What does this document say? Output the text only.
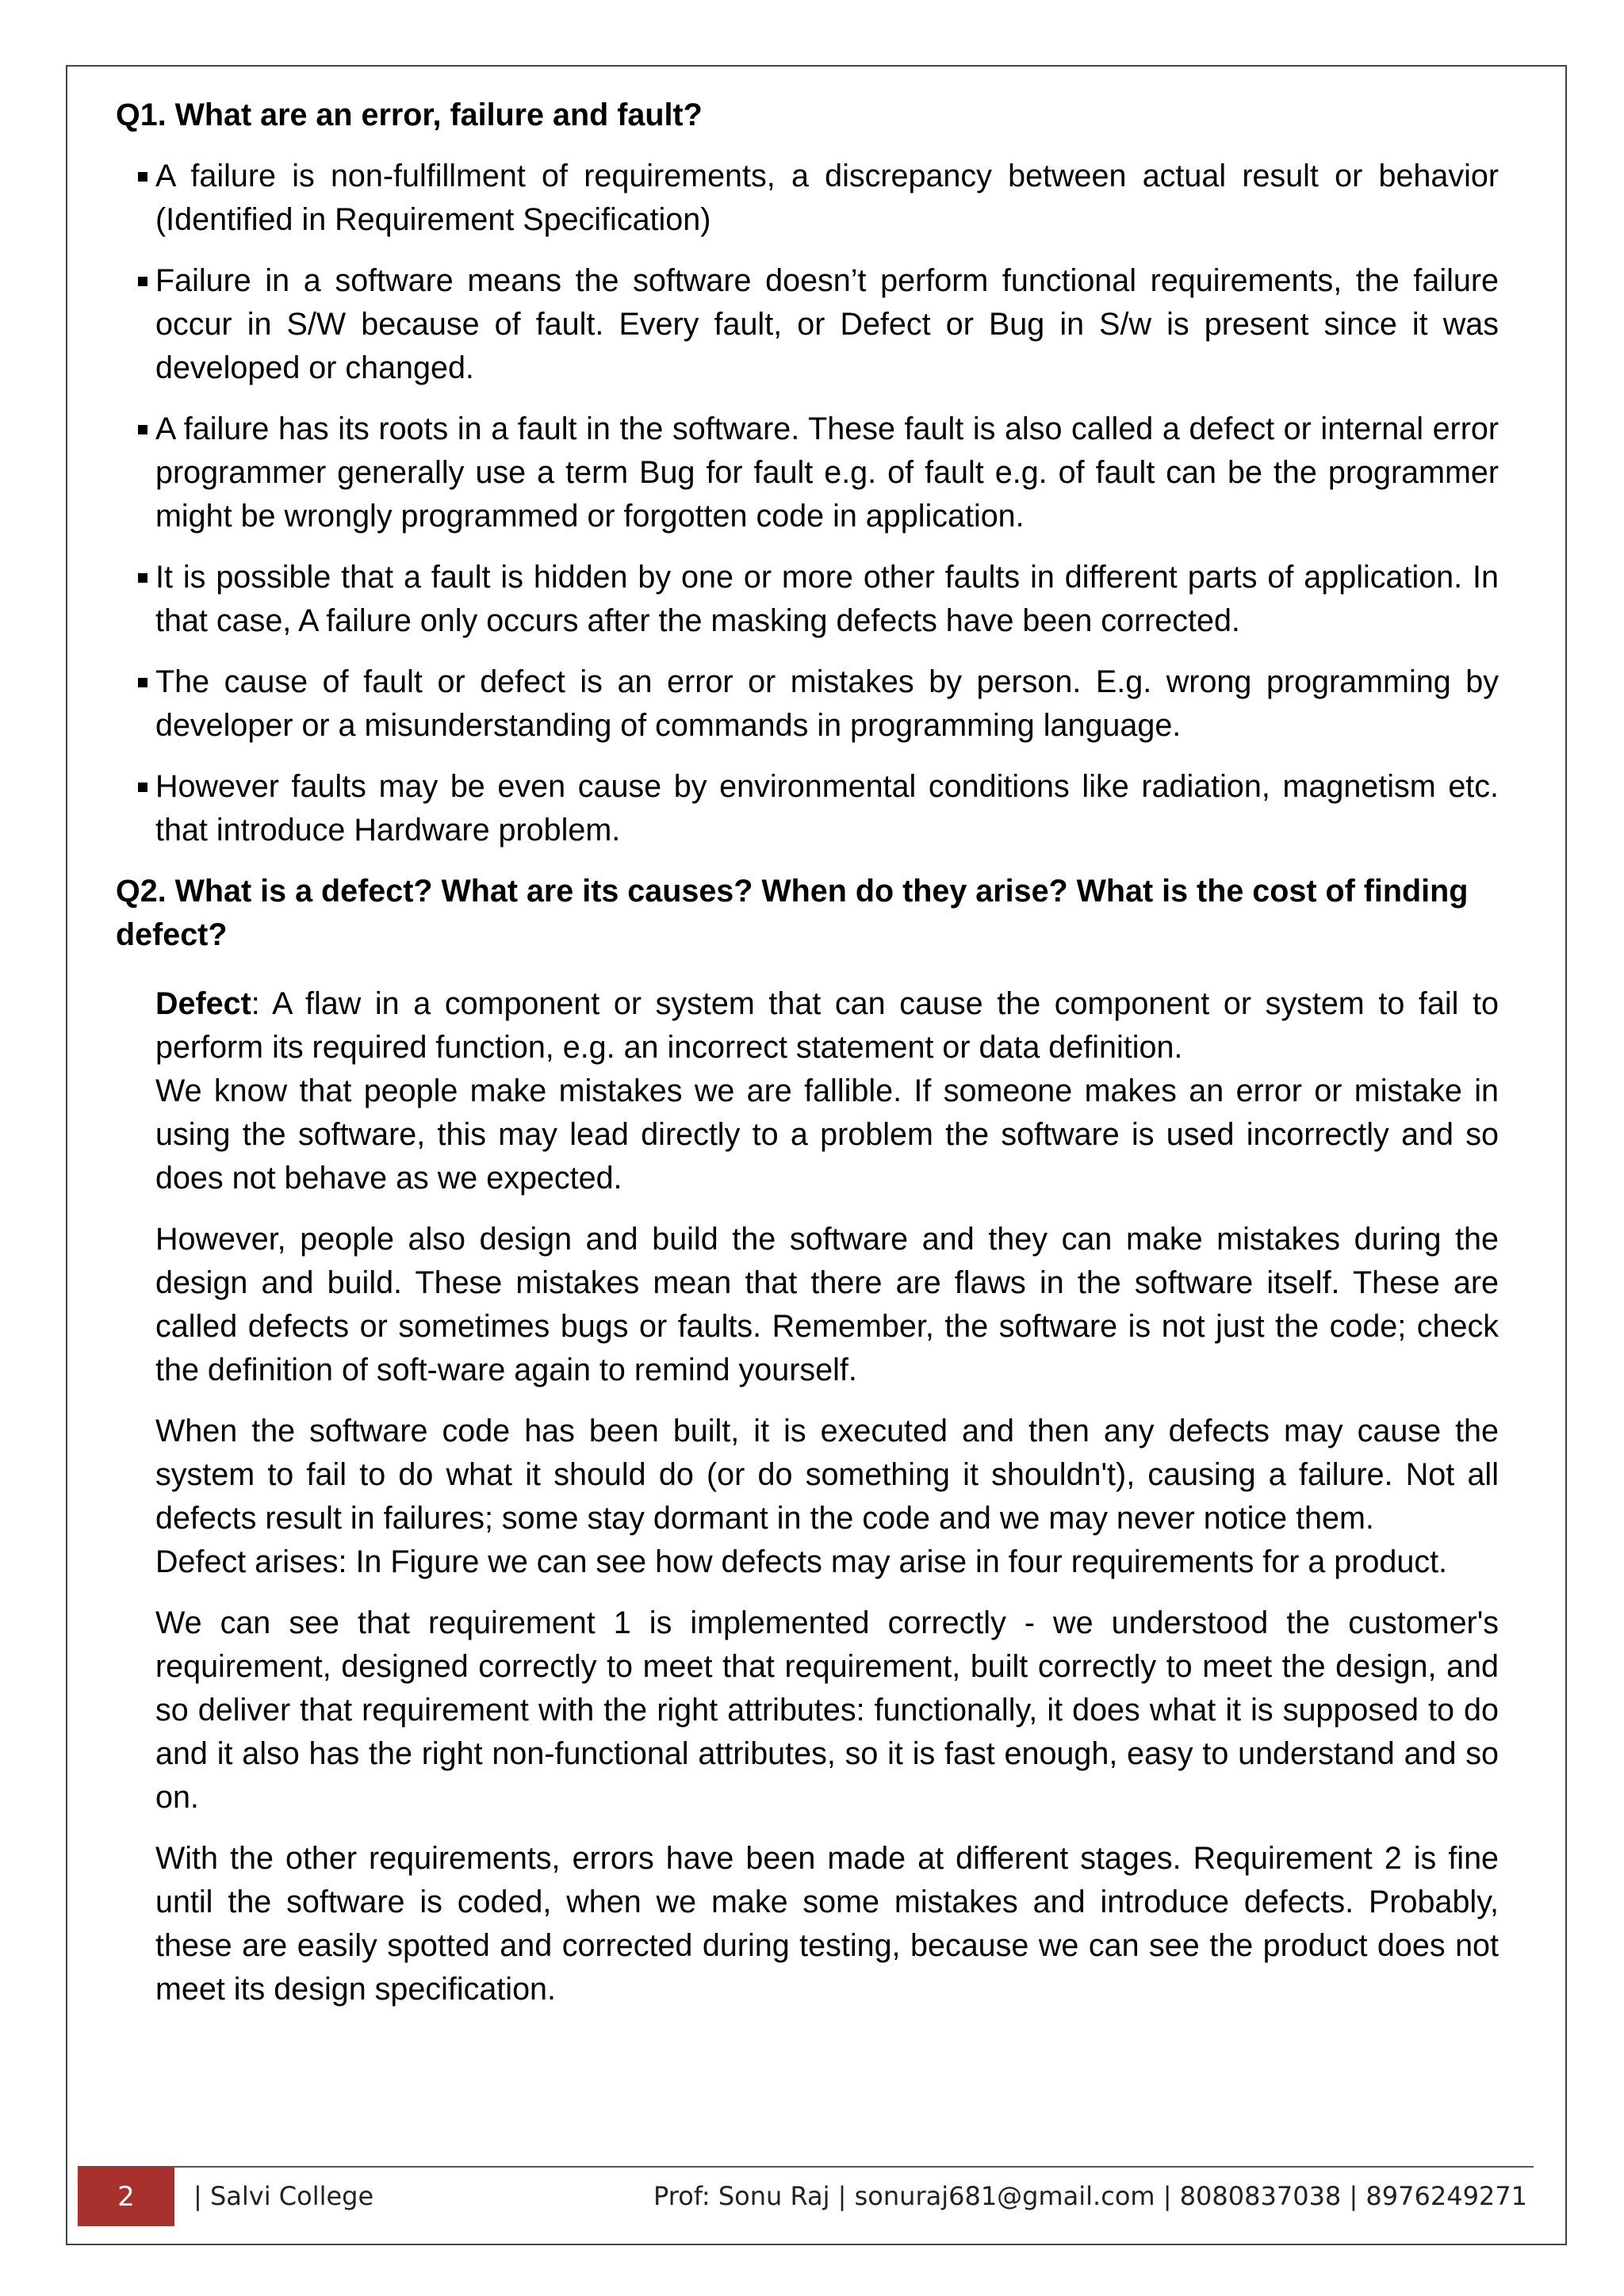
Q1. What are an error, failure and fault?

A failure is non-fulfillment of requirements, a discrepancy between actual result or behavior (Identified in Requirement Specification)
Failure in a software means the software doesn’t perform functional requirements, the failure occur in S/W because of fault. Every fault, or Defect or Bug in S/w is present since it was developed or changed.
A failure has its roots in a fault in the software. These fault is also called a defect or internal error programmer generally use a term Bug for fault e.g. of fault e.g. of fault can be the programmer might be wrongly programmed or forgotten code in application.
It is possible that a fault is hidden by one or more other faults in different parts of application. In that case, A failure only occurs after the masking defects have been corrected.
The cause of fault or defect is an error or mistakes by person. E.g. wrong programming by developer or a misunderstanding of commands in programming language.
However faults may be even cause by environmental conditions like radiation, magnetism etc. that introduce Hardware problem.

Q2. What is a defect? What are its causes? When do they arise? What is the cost of finding defect?

Defect: A flaw in a component or system that can cause the component or system to fail to perform its required function, e.g. an incorrect statement or data definition.

We know that people make mistakes we are fallible. If someone makes an error or mistake in using the software, this may lead directly to a problem the software is used incorrectly and so does not behave as we expected.

However, people also design and build the software and they can make mistakes during the design and build. These mistakes mean that there are flaws in the software itself. These are called defects or sometimes bugs or faults. Remember, the software is not just the code; check the definition of soft-ware again to remind yourself.

When the software code has been built, it is executed and then any defects may cause the system to fail to do what it should do (or do something it shouldn't), causing a failure. Not all defects result in failures; some stay dormant in the code and we may never notice them.

Defect arises: In Figure we can see how defects may arise in four requirements for a product.

We can see that requirement 1 is implemented correctly - we understood the customer's requirement, designed correctly to meet that requirement, built correctly to meet the design, and so deliver that requirement with the right attributes: functionally, it does what it is supposed to do and it also has the right non-functional attributes, so it is fast enough, easy to understand and so on.

With the other requirements, errors have been made at different stages. Requirement 2 is fine until the software is coded, when we make some mistakes and introduce defects. Probably, these are easily spotted and corrected during testing, because we can see the product does not meet its design specification.

2	| Salvi College	Prof: Sonu Raj | sonuraj681@gmail.com | 8080837038 | 8976249271
